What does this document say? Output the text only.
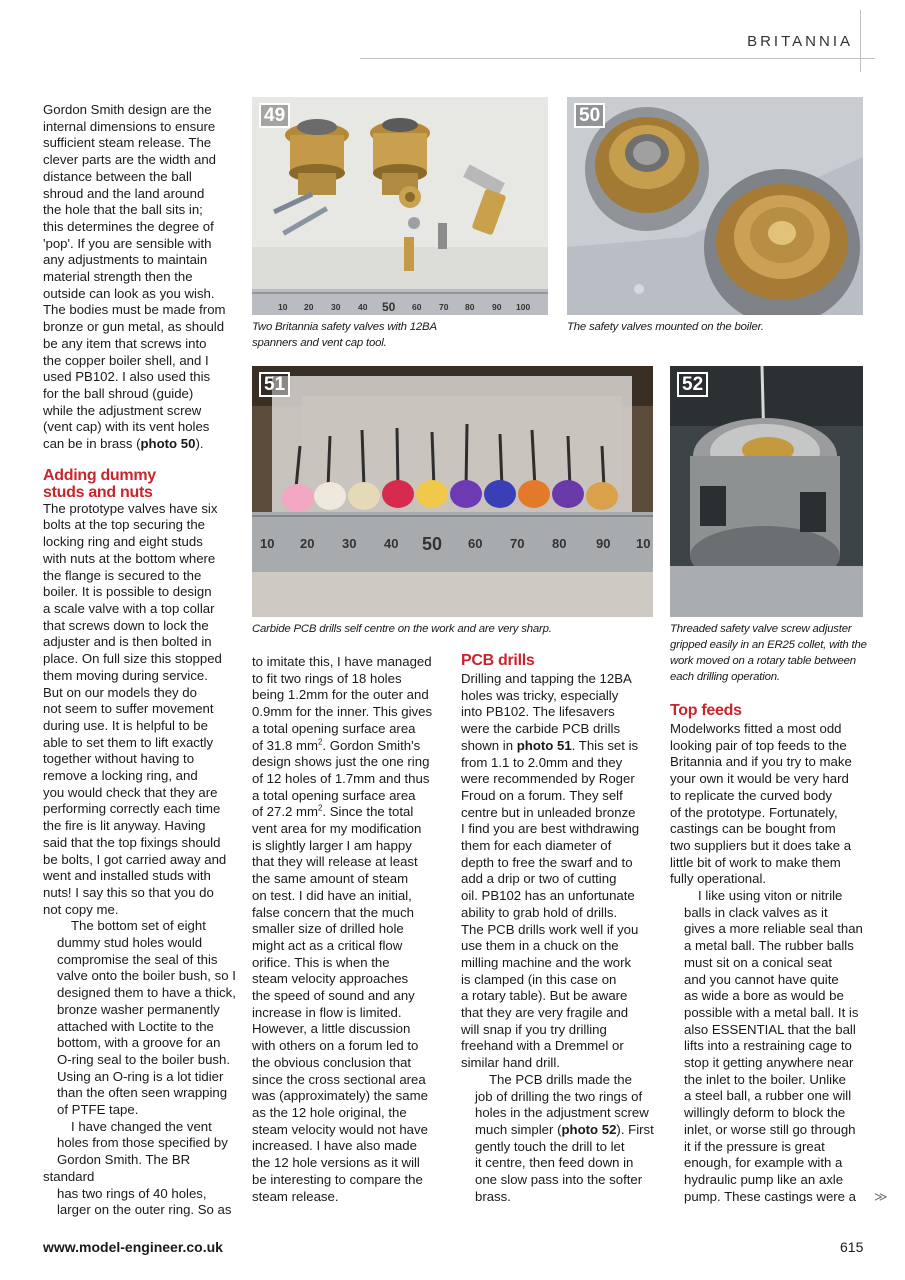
BRITANNIA
10 20 30 40 50 60 70 80 90 100
49
Two Britannia safety valves with 12BA
spanners and vent cap tool.
50
The safety valves mounted on the boiler.
10 20 30 40 50 60 70 80 90 10
51
Carbide PCB drills self centre on the work and are very sharp.
52
Threaded safety valve screw adjuster
gripped easily in an ER25 collet, with the
work moved on a rotary table between
each drilling operation.

Gordon Smith design are the
internal dimensions to ensure
sufficient steam release. The
clever parts are the width and
distance between the ball
shroud and the land around
the hole that the ball sits in;
this determines the degree of
'pop'. If you are sensible with
any adjustments to maintain
material strength then the
outside can look as you wish.
The bodies must be made from
bronze or gun metal, as should
be any item that screws into
the copper boiler shell, and I
used PB102. I also used this
for the ball shroud (guide)
while the adjustment screw
(vent cap) with its vent holes
can be in brass (photo 50).

Adding dummy
studs and nuts

The prototype valves have six
bolts at the top securing the
locking ring and eight studs
with nuts at the bottom where
the flange is secured to the
boiler. It is possible to design
a scale valve with a top collar
that screws down to lock the
adjuster and is then bolted in
place. On full size this stopped
them moving during service.
But on our models they do
not seem to suffer movement
during use. It is helpful to be
able to set them to lift exactly
together without having to
remove a locking ring, and
you would check that they are
performing correctly each time
the fire is lit anyway. Having
said that the top fixings should
be bolts, I got carried away and
went and installed studs with
nuts! I say this so that you do
not copy me.

The bottom set of eight
dummy stud holes would
compromise the seal of this
valve onto the boiler bush, so I
designed them to have a thick,
bronze washer permanently
attached with Loctite to the
bottom, with a groove for an
O-ring seal to the boiler bush.
Using an O-ring is a lot tidier
than the often seen wrapping
of PTFE tape.

I have changed the vent
holes from those specified by
Gordon Smith. The BR standard
has two rings of 40 holes,
larger on the outer ring. So as

to imitate this, I have managed
to fit two rings of 18 holes
being 1.2mm for the outer and
0.9mm for the inner. This gives
a total opening surface area
of 31.8 $mm^2$. Gordon Smith's
design shows just the one ring
of 12 holes of 1.7mm and thus
a total opening surface area
of 27.2 $mm^2$. Since the total
vent area for my modification
is slightly larger I am happy
that they will release at least
the same amount of steam
on test. I did have an initial,
false concern that the much
smaller size of drilled hole
might act as a critical flow
orifice. This is when the
steam velocity approaches
the speed of sound and any
increase in flow is limited.
However, a little discussion
with others on a forum led to
the obvious conclusion that
since the cross sectional area
was (approximately) the same
as the 12 hole original, the
steam velocity would not have
increased. I have also made
the 12 hole versions as it will
be interesting to compare the
steam release.

PCB drills

Drilling and tapping the 12BA
holes was tricky, especially
into PB102. The lifesavers
were the carbide PCB drills
shown in photo 51. This set is
from 1.1 to 2.0mm and they
were recommended by Roger
Froud on a forum. They self
centre but in unleaded bronze
I find you are best withdrawing
them for each diameter of
depth to free the swarf and to
add a drip or two of cutting
oil. PB102 has an unfortunate
ability to grab hold of drills.
The PCB drills work well if you
use them in a chuck on the
milling machine and the work
is clamped (in this case on
a rotary table). But be aware
that they are very fragile and
will snap if you try drilling
freehand with a Dremmel or
similar hand drill.

The PCB drills made the
job of drilling the two rings of
holes in the adjustment screw
much simpler (photo 52). First
gently touch the drill to let
it centre, then feed down in
one slow pass into the softer
brass.

Top feeds

Modelworks fitted a most odd
looking pair of top feeds to the
Britannia and if you try to make
your own it would be very hard
to replicate the curved body
of the prototype. Fortunately,
castings can be bought from
two suppliers but it does take a
little bit of work to make them
fully operational.

I like using viton or nitrile
balls in clack valves as it
gives a more reliable seal than
a metal ball. The rubber balls
must sit on a conical seat
and you cannot have quite
as wide a bore as would be
possible with a metal ball. It is
also ESSENTIAL that the ball
lifts into a restraining cage to
stop it getting anywhere near
the inlet to the boiler. Unlike
a steel ball, a rubber one will
willingly deform to block the
inlet, or worse still go through
it if the pressure is great
enough, for example with a
hydraulic pump like an axle
pump. These castings were a	≫
www.model-engineer.co.uk	615
